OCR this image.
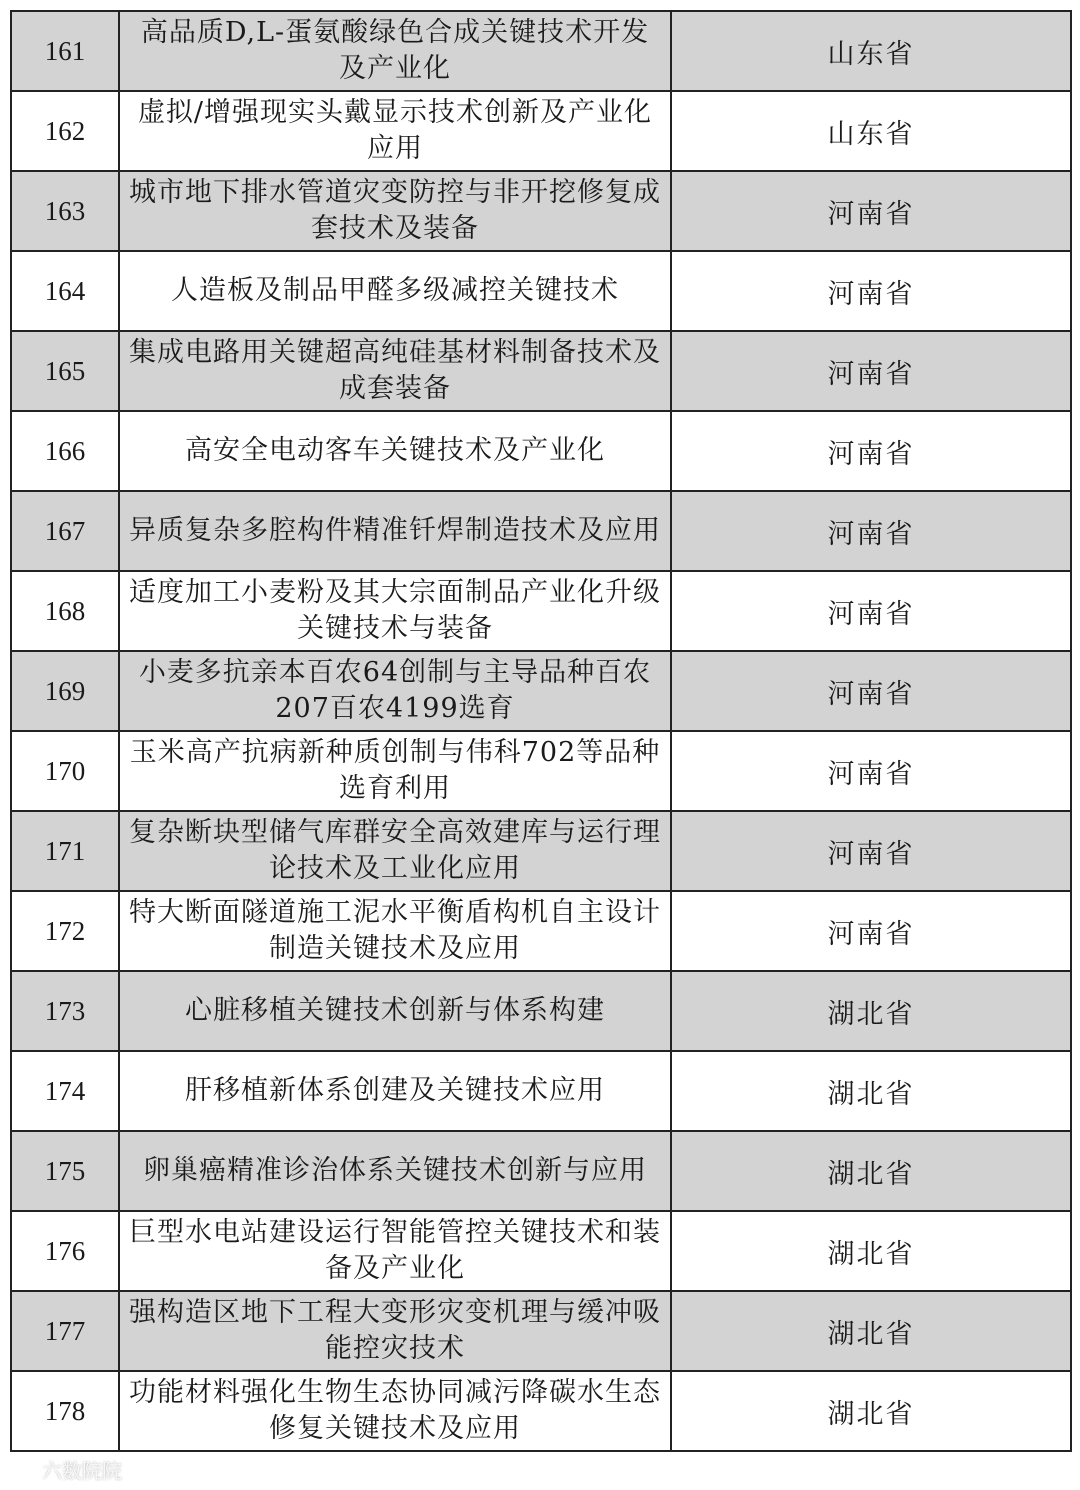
161	高品质D,L-蛋氨酸绿色合成关键技术开发及产业化	山东省
162	虚拟/增强现实头戴显示技术创新及产业化应用	山东省
163	城市地下排水管道灾变防控与非开挖修复成套技术及装备	河南省
164	人造板及制品甲醛多级减控关键技术	河南省
165	集成电路用关键超高纯硅基材料制备技术及成套装备	河南省
166	高安全电动客车关键技术及产业化	河南省
167	异质复杂多腔构件精准钎焊制造技术及应用	河南省
168	适度加工小麦粉及其大宗面制品产业化升级关键技术与装备	河南省
169	小麦多抗亲本百农64创制与主导品种百农207百农4199选育	河南省
170	玉米高产抗病新种质创制与伟科702等品种选育利用	河南省
171	复杂断块型储气库群安全高效建库与运行理论技术及工业化应用	河南省
172	特大断面隧道施工泥水平衡盾构机自主设计制造关键技术及应用	河南省
173	心脏移植关键技术创新与体系构建	湖北省
174	肝移植新体系创建及关键技术应用	湖北省
175	卵巢癌精准诊治体系关键技术创新与应用	湖北省
176	巨型水电站建设运行智能管控关键技术和装备及产业化	湖北省
177	强构造区地下工程大变形灾变机理与缓冲吸能控灾技术	湖北省
178	功能材料强化生物生态协同减污降碳水生态修复关键技术及应用	湖北省
六数院院
